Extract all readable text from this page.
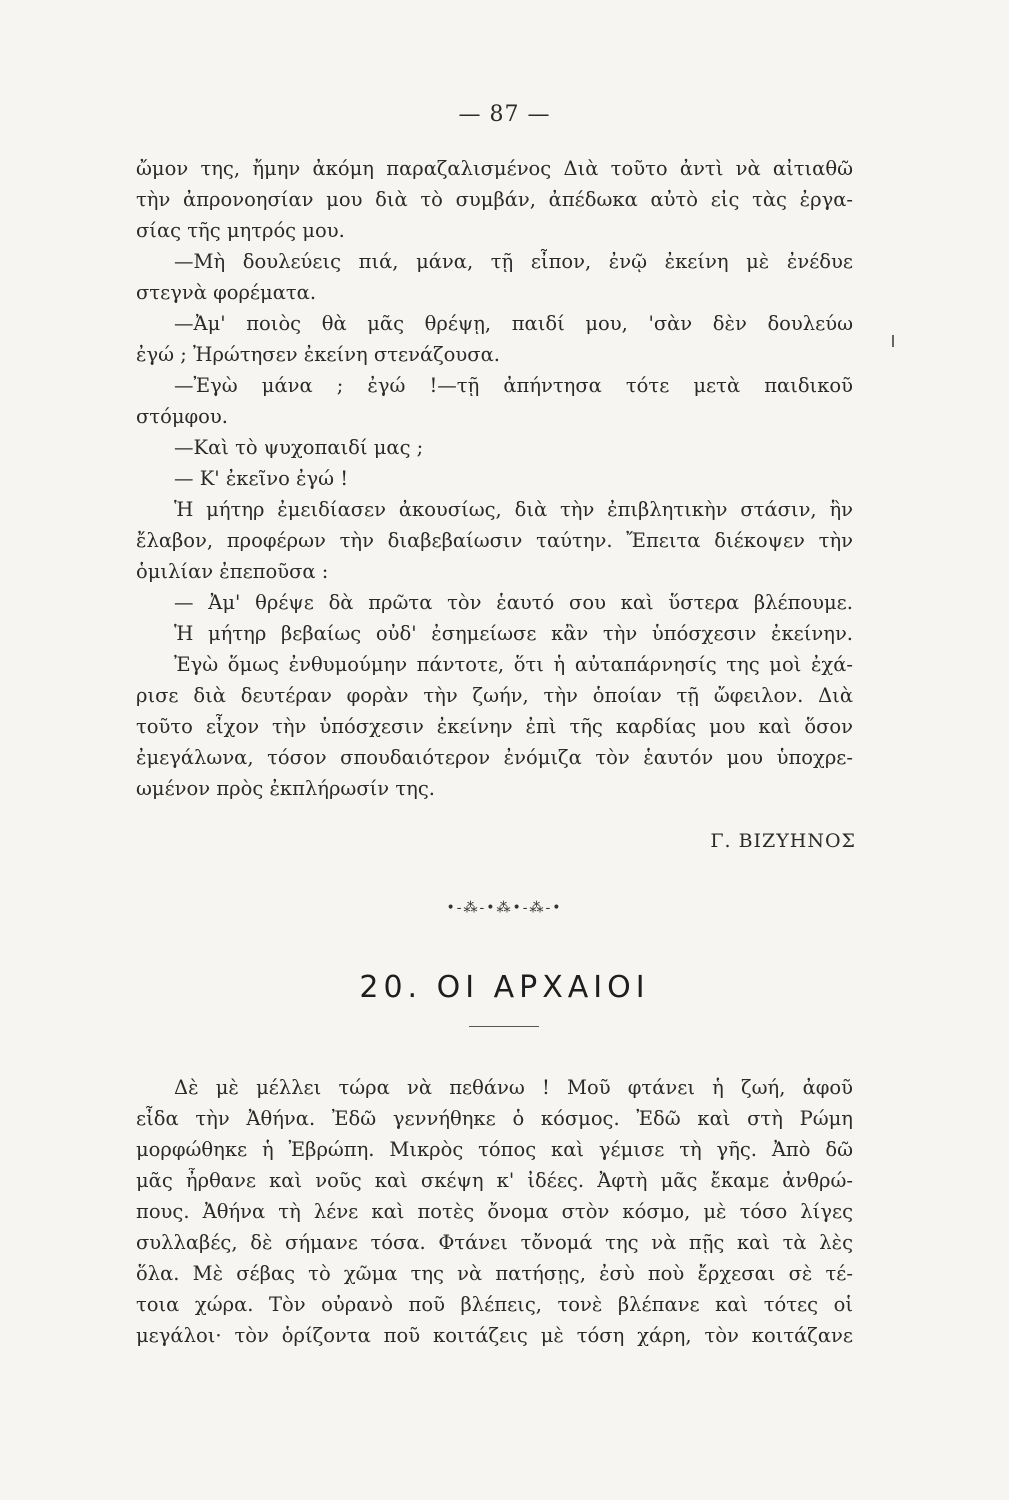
— 87 —
ὤμον της, ἤμην ἀκόμη παραζαλισμένος Διὰ τοῦτο ἀντὶ νὰ αἰτιαθῶ
τὴν ἀπρονοησίαν μου διὰ τὸ συμβάν, ἀπέδωκα αὐτὸ εἰς τὰς ἐργα-
σίας τῆς μητρός μου.
—Μὴ δουλεύεις πιά, μάνα, τῇ εἶπον, ἐνῷ ἐκείνη μὲ ἐνέδυε
στεγνὰ φορέματα.
—Ἀμ' ποιὸς θὰ μᾶς θρέψῃ, παιδί μου, 'σὰν δὲν δουλεύω
ἐγώ ; Ἠρώτησεν ἐκείνη στενάζουσα.
—Ἐγὼ μάνα ; ἐγώ !—τῇ ἀπήντησα τότε μετὰ παιδικοῦ
στόμφου.
—Καὶ τὸ ψυχοπαιδί μας ;
— Κ' ἐκεῖνο ἐγώ !
Ἡ μήτηρ ἐμειδίασεν ἀκουσίως, διὰ τὴν ἐπιβλητικὴν στάσιν, ἣν
ἔλαβον, προφέρων τὴν διαβεβαίωσιν ταύτην. Ἔπειτα διέκοψεν τὴν
ὁμιλίαν ἐπεποῦσα :
— Ἀμ' θρέψε δὰ πρῶτα τὸν ἑαυτό σου καὶ ὕστερα βλέπουμε.
Ἡ μήτηρ βεβαίως οὐδ' ἐσημείωσε κἂν τὴν ὑπόσχεσιν ἐκείνην.
Ἐγὼ ὅμως ἐνθυμούμην πάντοτε, ὅτι ἡ αὐταπάρνησίς της μοὶ ἐχά-
ρισε διὰ δευτέραν φορὰν τὴν ζωήν, τὴν ὁποίαν τῇ ὤφειλον. Διὰ
τοῦτο εἶχον τὴν ὑπόσχεσιν ἐκείνην ἐπὶ τῆς καρδίας μου καὶ ὅσον
ἐμεγάλωνα, τόσον σπουδαιότερον ἐνόμιζα τὸν ἑαυτόν μου ὑποχρε-
ωμένον πρὸς ἐκπλήρωσίν της.
Γ. ΒΙΖΥΗΝΟΣ
•-⁂-•⁂•-⁂-•
20. ΟΙ ΑΡΧΑΙΟΙ
Δὲ μὲ μέλλει τώρα νὰ πεθάνω ! Μοῦ φτάνει ἡ ζωή, ἀφοῦ
εἶδα τὴν Ἀθήνα. Ἐδῶ γεννήθηκε ὁ κόσμος. Ἐδῶ καὶ στὴ Ρώμη
μορφώθηκε ἡ Ἐβρώπη. Μικρὸς τόπος καὶ γέμισε τὴ γῆς. Ἀπὸ δῶ
μᾶς ἦρθανε καὶ νοῦς καὶ σκέψη κ' ἰδέες. Ἀφτὴ μᾶς ἔκαμε ἀνθρώ-
πους. Ἀθήνα τὴ λένε καὶ ποτὲς ὄνομα στὸν κόσμο, μὲ τόσο λίγες
συλλαβές, δὲ σήμανε τόσα. Φτάνει τὄνομά της νὰ πῇς καὶ τὰ λὲς
ὅλα. Μὲ σέβας τὸ χῶμα της νὰ πατήσῃς, ἐσὺ ποὺ ἔρχεσαι σὲ τέ-
τοια χώρα. Τὸν οὐρανὸ ποῦ βλέπεις, τονὲ βλέπανε καὶ τότες οἱ
μεγάλοι· τὸν ὁρίζοντα ποῦ κοιτάζεις μὲ τόση χάρη, τὸν κοιτάζανε
